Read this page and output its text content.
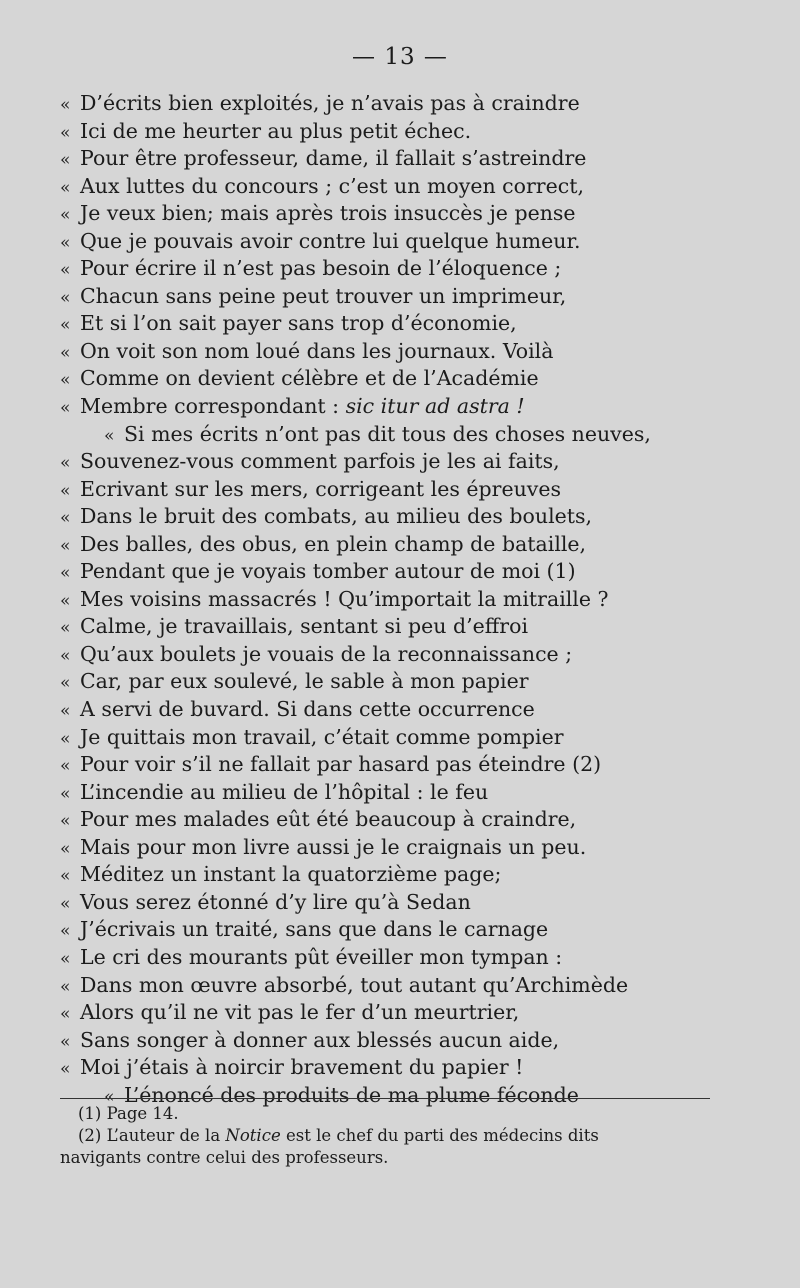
— 13 —
« D’écrits bien exploités, je n’avais pas à craindre
« Ici de me heurter au plus petit échec.
« Pour être professeur, dame, il fallait s’astreindre
« Aux luttes du concours ; c’est un moyen correct,
« Je veux bien; mais après trois insuccès je pense
« Que je pouvais avoir contre lui quelque humeur.
« Pour écrire il n’est pas besoin de l’éloquence ;
« Chacun sans peine peut trouver un imprimeur,
« Et si l’on sait payer sans trop d’économie,
« On voit son nom loué dans les journaux. Voilà
« Comme on devient célèbre et de l’Académie
« Membre correspondant : sic itur ad astra !
« Si mes écrits n’ont pas dit tous des choses neuves,
« Souvenez-vous comment parfois je les ai faits,
« Ecrivant sur les mers, corrigeant les épreuves
« Dans le bruit des combats, au milieu des boulets,
« Des balles, des obus, en plein champ de bataille,
« Pendant que je voyais tomber autour de moi (1)
« Mes voisins massacrés ! Qu’importait la mitraille ?
« Calme, je travaillais, sentant si peu d’effroi
« Qu’aux boulets je vouais de la reconnaissance ;
« Car, par eux soulevé, le sable à mon papier
« A servi de buvard. Si dans cette occurrence
« Je quittais mon travail, c’était comme pompier
« Pour voir s’il ne fallait par hasard pas éteindre (2)
« L’incendie au milieu de l’hôpital : le feu
« Pour mes malades eût été beaucoup à craindre,
« Mais pour mon livre aussi je le craignais un peu.
« Méditez un instant la quatorzième page;
« Vous serez étonné d’y lire qu’à Sedan
« J’écrivais un traité, sans que dans le carnage
« Le cri des mourants pût éveiller mon tympan :
« Dans mon œuvre absorbé, tout autant qu’Archimède
« Alors qu’il ne vit pas le fer d’un meurtrier,
« Sans songer à donner aux blessés aucun aide,
« Moi j’étais à noircir bravement du papier !
« L’énoncé des produits de ma plume féconde

(1) Page 14.

(2) L’auteur de la Notice est le chef du parti des médecins dits

navigants contre celui des professeurs.
